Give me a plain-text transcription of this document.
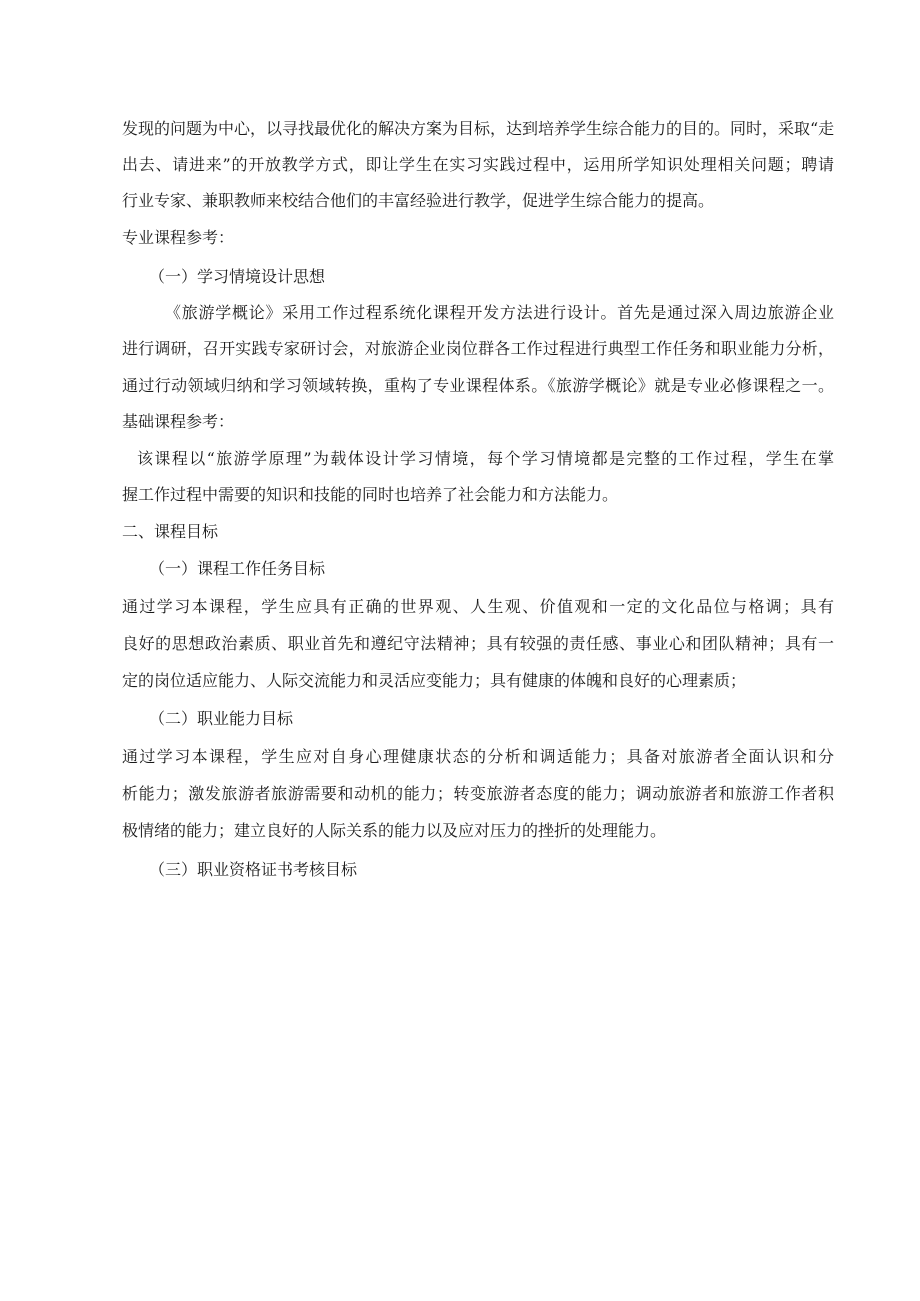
发现的问题为中心，以寻找最优化的解决方案为目标，达到培养学生综合能力的目的。同时，采取“走
出去、请进来”的开放教学方式，即让学生在实习实践过程中，运用所学知识处理相关问题；聘请
行业专家、兼职教师来校结合他们的丰富经验进行教学，促进学生综合能力的提高。
专业课程参考：
（一）学习情境设计思想
《旅游学概论》采用工作过程系统化课程开发方法进行设计。首先是通过深入周边旅游企业
进行调研，召开实践专家研讨会，对旅游企业岗位群各工作过程进行典型工作任务和职业能力分析，
通过行动领域归纳和学习领域转换，重构了专业课程体系。《旅游学概论》就是专业必修课程之一。
基础课程参考：
该课程以“旅游学原理”为载体设计学习情境，每个学习情境都是完整的工作过程，学生在掌
握工作过程中需要的知识和技能的同时也培养了社会能力和方法能力。
二、课程目标
（一）课程工作任务目标
通过学习本课程，学生应具有正确的世界观、人生观、价值观和一定的文化品位与格调；具有
良好的思想政治素质、职业首先和遵纪守法精神；具有较强的责任感、事业心和团队精神；具有一
定的岗位适应能力、人际交流能力和灵活应变能力；具有健康的体魄和良好的心理素质；
（二）职业能力目标
通过学习本课程，学生应对自身心理健康状态的分析和调适能力；具备对旅游者全面认识和分
析能力；激发旅游者旅游需要和动机的能力；转变旅游者态度的能力；调动旅游者和旅游工作者积
极情绪的能力；建立良好的人际关系的能力以及应对压力的挫折的处理能力。
（三）职业资格证书考核目标
